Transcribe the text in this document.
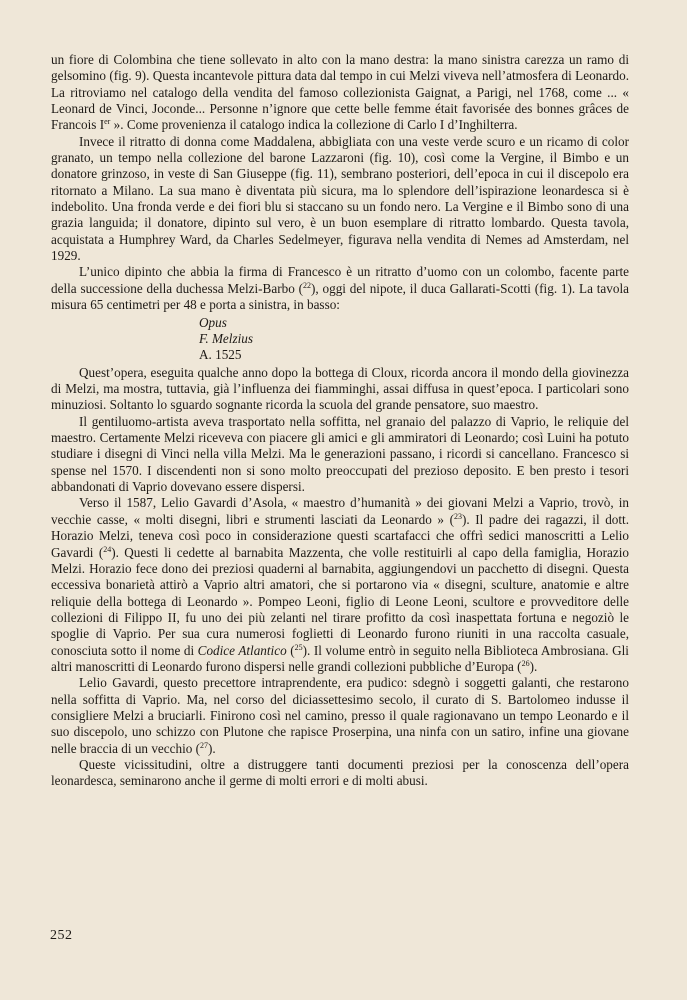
un fiore di Colombina che tiene sollevato in alto con la mano destra: la mano sinistra carezza un ramo di gelsomino (fig. 9). Questa incantevole pittura data dal tempo in cui Melzi viveva nell’atmosfera di Leonardo. La ritroviamo nel catalogo della vendita del famoso collezionista Gaignat, a Parigi, nel 1768, come ... « Leonard de Vinci, Joconde... Personne n’ignore que cette belle femme était favorisée des bonnes grâces de Francois Ier ». Come provenienza il catalogo indica la collezione di Carlo I d’Inghilterra.

Invece il ritratto di donna come Maddalena, abbigliata con una veste verde scuro e un ricamo di color granato, un tempo nella collezione del barone Lazzaroni (fig. 10), così come la Vergine, il Bimbo e un donatore grinzoso, in veste di San Giuseppe (fig. 11), sembrano posteriori, dell’epoca in cui il discepolo era ritornato a Milano. La sua mano è diventata più sicura, ma lo splendore dell’ispirazione leonardesca si è indebolito. Una fronda verde e dei fiori blu si staccano su un fondo nero. La Vergine e il Bimbo sono di una grazia languida; il donatore, dipinto sul vero, è un buon esemplare di ritratto lombardo. Questa tavola, acquistata a Humphrey Ward, da Charles Sedelmeyer, figurava nella vendita di Nemes ad Amsterdam, nel 1929.

L’unico dipinto che abbia la firma di Francesco è un ritratto d’uomo con un colombo, facente parte della successione della duchessa Melzi-Barbo ($^{22}$), oggi del nipote, il duca Gallarati-Scotti (fig. 1). La tavola misura 65 centimetri per 48 e porta a sinistra, in basso:

Opus
F. Melzius
A. 1525

Quest’opera, eseguita qualche anno dopo la bottega di Cloux, ricorda ancora il mondo della giovinezza di Melzi, ma mostra, tuttavia, già l’influenza dei fiamminghi, assai diffusa in quest’epoca. I particolari sono minuziosi. Soltanto lo sguardo sognante ricorda la scuola del grande pensatore, suo maestro.

Il gentiluomo-artista aveva trasportato nella soffitta, nel granaio del palazzo di Vaprio, le reliquie del maestro. Certamente Melzi riceveva con piacere gli amici e gli ammiratori di Leonardo; così Luini ha potuto studiare i disegni di Vinci nella villa Melzi. Ma le generazioni passano, i ricordi si cancellano. Francesco si spense nel 1570. I discendenti non si sono molto preoccupati del prezioso deposito. E ben presto i tesori abbandonati di Vaprio dovevano essere dispersi.

Verso il 1587, Lelio Gavardi d’Asola, « maestro d’humanità » dei giovani Melzi a Vaprio, trovò, in vecchie casse, « molti disegni, libri e strumenti lasciati da Leonardo » ($^{23}$). Il padre dei ragazzi, il dott. Horazio Melzi, teneva così poco in considerazione questi scartafacci che offrì sedici manoscritti a Lelio Gavardi ($^{24}$). Questi li cedette al barnabita Mazzenta, che volle restituirli al capo della famiglia, Horazio Melzi. Horazio fece dono dei preziosi quaderni al barnabita, aggiungendovi un pacchetto di disegni. Questa eccessiva bonarietà attirò a Vaprio altri amatori, che si portarono via « disegni, sculture, anatomie e altre reliquie della bottega di Leonardo ». Pompeo Leoni, figlio di Leone Leoni, scultore e provveditore delle collezioni di Filippo II, fu uno dei più zelanti nel tirare profitto da così inaspettata fortuna e negoziò le spoglie di Vaprio. Per sua cura numerosi foglietti di Leonardo furono riuniti in una raccolta casuale, conosciuta sotto il nome di Codice Atlantico ($^{25}$). Il volume entrò in seguito nella Biblioteca Ambrosiana. Gli altri manoscritti di Leonardo furono dispersi nelle grandi collezioni pubbliche d’Europa ($^{26}$).

Lelio Gavardi, questo precettore intraprendente, era pudico: sdegnò i soggetti galanti, che restarono nella soffitta di Vaprio. Ma, nel corso del diciassettesimo secolo, il curato di S. Bartolomeo indusse il consigliere Melzi a bruciarli. Finirono così nel camino, presso il quale ragionavano un tempo Leonardo e il suo discepolo, uno schizzo con Plutone che rapisce Proserpina, una ninfa con un satiro, infine una giovane nelle braccia di un vecchio ($^{27}$).

Queste vicissitudini, oltre a distruggere tanti documenti preziosi per la conoscenza dell’opera leonardesca, seminarono anche il germe di molti errori e di molti abusi.

252
